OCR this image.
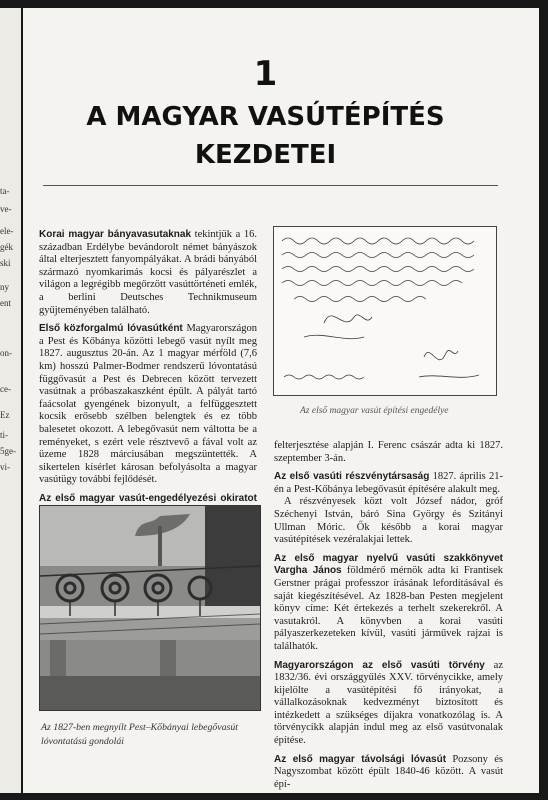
ta-
ve-
ele-
gék
ski
ny
ent
on-
ce-
Ez
ti-
5ge-
vi-
1
A MAGYAR VASÚTÉPÍTÉS
KEZDETEI

Korai magyar bányavasutaknak tekintjük a 16. században Erdélybe bevándorolt német bányászok által elterjesztett fanyompályákat. A brádi bányából származó nyomkarimás kocsi és pályarészlet a világon a legrégibb megőrzött vasúttörténeti emlék, a berlini Deutsches Technikmuseum gyűjteményében található.

Első közforgalmú lóvasútként Magyarországon a Pest és Kőbánya közötti lebegő vasút nyílt meg 1827. augusztus 20-án. Az 1 magyar mérföld (7,6 km) hosszú Palmer-Bodmer rendszerű lóvontatású függővasút a Pest és Debrecen között tervezett vasútnak a próbaszakaszként épült. A pályát tartó faácsolat gyengének bizonyult, a felfüggesztett kocsik erősebb szélben belengtek és ez több balesetet okozott. A lebegővasút nem váltotta be a reményeket, s ezért vele résztvevő a fával volt az üzeme 1828 márciusában megszüntették. A sikertelen kísérlet károsan befolyásolta a magyar vasútügy további fejlődését.

Az első magyar vasút-engedélyezési okiratot

Az 1827-ben megnyílt Pest–Kőbányai lebegővasút lóvontatású gondolái
Az első magyar vasút építési engedélye

felterjesztése alapján I. Ferenc császár adta ki 1827. szeptember 3-án.

Az első vasúti részvénytársaság 1827. április 21-én a Pest-Kőbánya lebegővasút építésére alakult meg.

A részvényesek közt volt József nádor, gróf Széchenyi István, báró Sina György és Szitányi Ullman Móric. Ők később a korai magyar vasútépítések vezéralakjai lettek.

Az első magyar nyelvű vasúti szakkönyvet Vargha János földmérő mérnök adta ki Frantisek Gerstner prágai professzor írásának lefordításával és saját kiegészítésével. Az 1828-ban Pesten megjelent könyv címe: Két értekezés a terhelt szekerekről. A vasutakról. A könyvben a korai vasúti pályaszerkezeteken kívül, vasúti járművek rajzai is találhatók.

Magyarországon az első vasúti törvény az 1832/36. évi országgyűlés XXV. törvénycikke, amely kijelölte a vasútépítési fő irányokat, a vállalkozásoknak kedvezményt biztosított és intézkedett a szükséges díjakra vonatkozólag is. A törvénycikk alapján indul meg az első vasútvonalak építése.

Az első magyar távolsági lóvasút Pozsony és Nagyszombat között épült 1840-46 között. A vasút épí-
